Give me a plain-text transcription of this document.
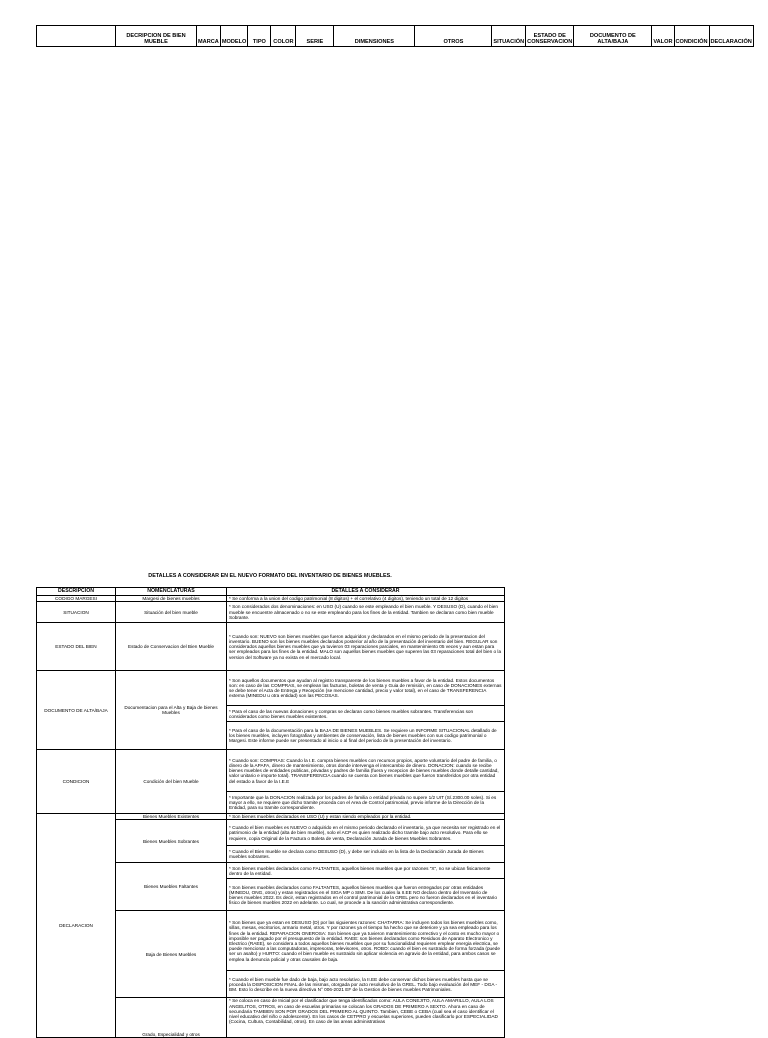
	DECRIPCION DE BIEN MUEBLE	MARCA	MODELO	TIPO	COLOR	SERIE	DIMENSIONES	OTROS	SITUACIÓN	ESTADO DE CONSERVACION	DOCUMENTO DE ALTA/BAJA	VALOR	CONDICIÓN	DECLARACIÓN
DETALLES A CONSIDERAR EN EL NUEVO FORMATO DEL INVENTARIO DE BIENES MUEBLES.
DESCRIPCION	NOMENCLATURAS	DETALLES A CONSIDERAR
CODIGO MARGESI	Margesi de bienes muebles	* Se conforma a la union del codigo patrimonial (8 digitos) + el correlativo (4 digitos), teniendo un total de 12 digitos
SITUACION	Situación del bien mueble	* Son considerados dos denominaciones: en USO (U) cuando se este empleando el bien mueble. Y DESUSO (D), cuando el bien mueble se encuentre almacenado o no se este empleando para los fines de la entidad. Tambien se declaran como bien mueble Sobrante.
ESTADO DEL BIEN	Estado de Conservacion del Bien Mueble	* Cuando son: NUEVO son bienes muebles que fueron adquiridos y declarados en el mismo periodo de la presentacion del inventario. BUENO son los bienes muebles declarados posterior al año de la presentación del inventario del bien. REGULAR son considerados aquellos bienes muebles que ya tuvieron 03 reparaciones parciales, en mantenimiento 05 veces y aun estan para ser empleados para los fines de la entidad. MALO son aquellos bienes muebles que superen las 03 reparaciones total del bien o la version del Software ya no exista en el mercado local.
DOCUMENTO DE ALTA/BAJA	Documentacion para el Alta y Baja de bienes Muebles	* Son aquellos documentos que ayudan al registro transparente de los bienes muebles a favor de la entidad. Estos documentos son: en caso de las COMPRAS, se emplean las facturas, boletas de venta y Guia de remisión, en caso de DONACIONES externas se debe tener el Acta de Entrega y Recepción (se mencione cantidad, precio y valor total), en el caso de TRANSFERENCIA externa (MINEDU u otra entidad) son las PECOSAS.
		* Para el caso de las nuevas donaciones y compras se declaran como bienes muebles sobrantes. Transferencias son considerados como bienes muebles existentes.
		* Para el caso de la documentación para la BAJA DE BIENES MUEBLES. Se requiere un INFORME SITUACIONAL detallado de los bienes muebles, incluyen fotografias y ambientes de conservación, lista de bienes muebles con sus codigo patrimonial o Margesi. Este informe puede ser presentado al inicio o al final del periodo de la presentación del inventario.
CONDICION	Condición del bien Mueble	* Cuando son: COMPRAS: Cuando la I.E. compra bienes muebles con recursos propios, aporte voluntario del padre de familia, o dinero de la APAFA, dinero de mantenimiento, otros donde intervenga el intercambio de dinero. DONACION: cuando se recibe bienes muebles de entidades publicas, privadas y padres de familia (fuera y recepcion de bienes muebles donde detalle cantidad, valor unitario e importe total). TRANSFERENCIA cuando se cuenta con bienes muebles que fueron transferidos por otra entidad del estado a favor de la I.E.E
		* Importante que la DONACION realizada por los padres de familia o entidad privada no supere 1/2 UIT (S/.2300.00 soles). Si es mayor a ello, se requiere que dicho tramite proceda con el Area de Control patrimonial, previo informe de la Dirección de la Entidad, para su tramite correspondiente.
DECLARACION	Bienes Muebles Existentes	* Son bienes muebles declarados en USO (U) y estan siendo empleados por la entidad.
	Bienes Muebles Sobrantes	* Cuando el bien muebles es NUEVO o adquirido en el mismo periodo declarado el inventario, ya que necesita ser registrado en el patrimonio de la entidad (alta de bien mueble), solo el ACP es quien realizado dicho tramite bajo acto resolutivo. Para ello se requiere, copia Original de la Factura o Boleta de venta, Declaración Jurada de bienes Muebles Sobrantes.
		* Cuando el Bien mueble se declara como DESUSO (D), y debe ser incluido en la lista de la Declaración Jurada de Bienes muebles sobrantes.
	Bienes Muebles Faltantes	* Son bienes muebles declarados como FALTANTES, aquellos bienes muebles que por razones "X", no se ubican fisicamente dentro de la entidad.
		* Son bienes muebles declarados como FALTANTES, aquellos bienes muebles que fueron entregados por otras entidades (MINEDU, ONG, otros) y estan registrados en el SIGA MP o SIMI. De los cuales la II.EE NO declaro dentro del Inventario de bienes muebles 2022. Es decir, estan registrados en el control patrimonial de la GREL pero no fueron declarados en el inventario fisico de bienes muebles 2022 en adelante. Lo cual, se procede a la sanción administrativa correspondiente.
	Baja de Bienes Muebles	* Son bienes que ya estan en DESUSO (D) por las siguientes razones: CHATARRA: Se incluyen todos los bienes muebles como, sillas, mesas, escritorios, armario metal, otros. Y por razones ya el tiempo ha hecho que se deteriore y ya sea empleado para los fines de la entidad. REPARACION ONEROSA: Son bienes que ya tuvieron mantenimiento correctivo y el costo es mucho mayor o imposible ser pagado por el presupuesto de la entidad. RAEE: son bienes declarados como Residuos de Aparato Electronico y Electrico (RAEE), se considera a todos aquellos bienes muebles que por su funcionalidad requieren emplear energia electrica, se puede mencionar a las computadoras, impresoras, televisores, otros. ROBO: cuando el bien es sustraido de forma forzada (puede ser un asalto) y HURTO: cuando el bien mueble es sustraido sin aplicar violencia en agravio de la entidad, para ambos casos se emplea la denuncia policial y otras causales de baja.
		* Cuando el bien mueble fue dado de baja, bajo acto resolutivo, la II.EE debe conservar dichos bienes muebles hasta que se proceda la DISPOSICION FINAL de las mismas, otorgada por acto resolutivo de la GREL. Todo bajo evaluación del MEF - DGA - BM. Esto lo describe en la nueva directiva N° 006-2021 EF de la Gestion de bienes muebles Patrimoniales.
	Grado, Especialidad y otros	* Se coloca en caso de Inicial por el clasificador que tenga identificados como: AULA CONEJITO, AULA AMARILLO, AULA LOS ANGELITOS, OTROS, en caso de escuelas primarias se colocan los GRADOS DE PRIMERO A SEXTO. Ahora en caso de secundaria TAMBIEN SON POR GRADOS DEL PRIMERO AL QUINTO. Tambien, CEBE o CEBA (cual sea el caso identificar el nivel educativo del niño o adolescente). En los casos de CETPRO y escuelas superiores, pueden clasificarlo por ESPECIALIDAD (Cocina, Cultura, Contabilidad, otros). En caso de las areas administrativas
